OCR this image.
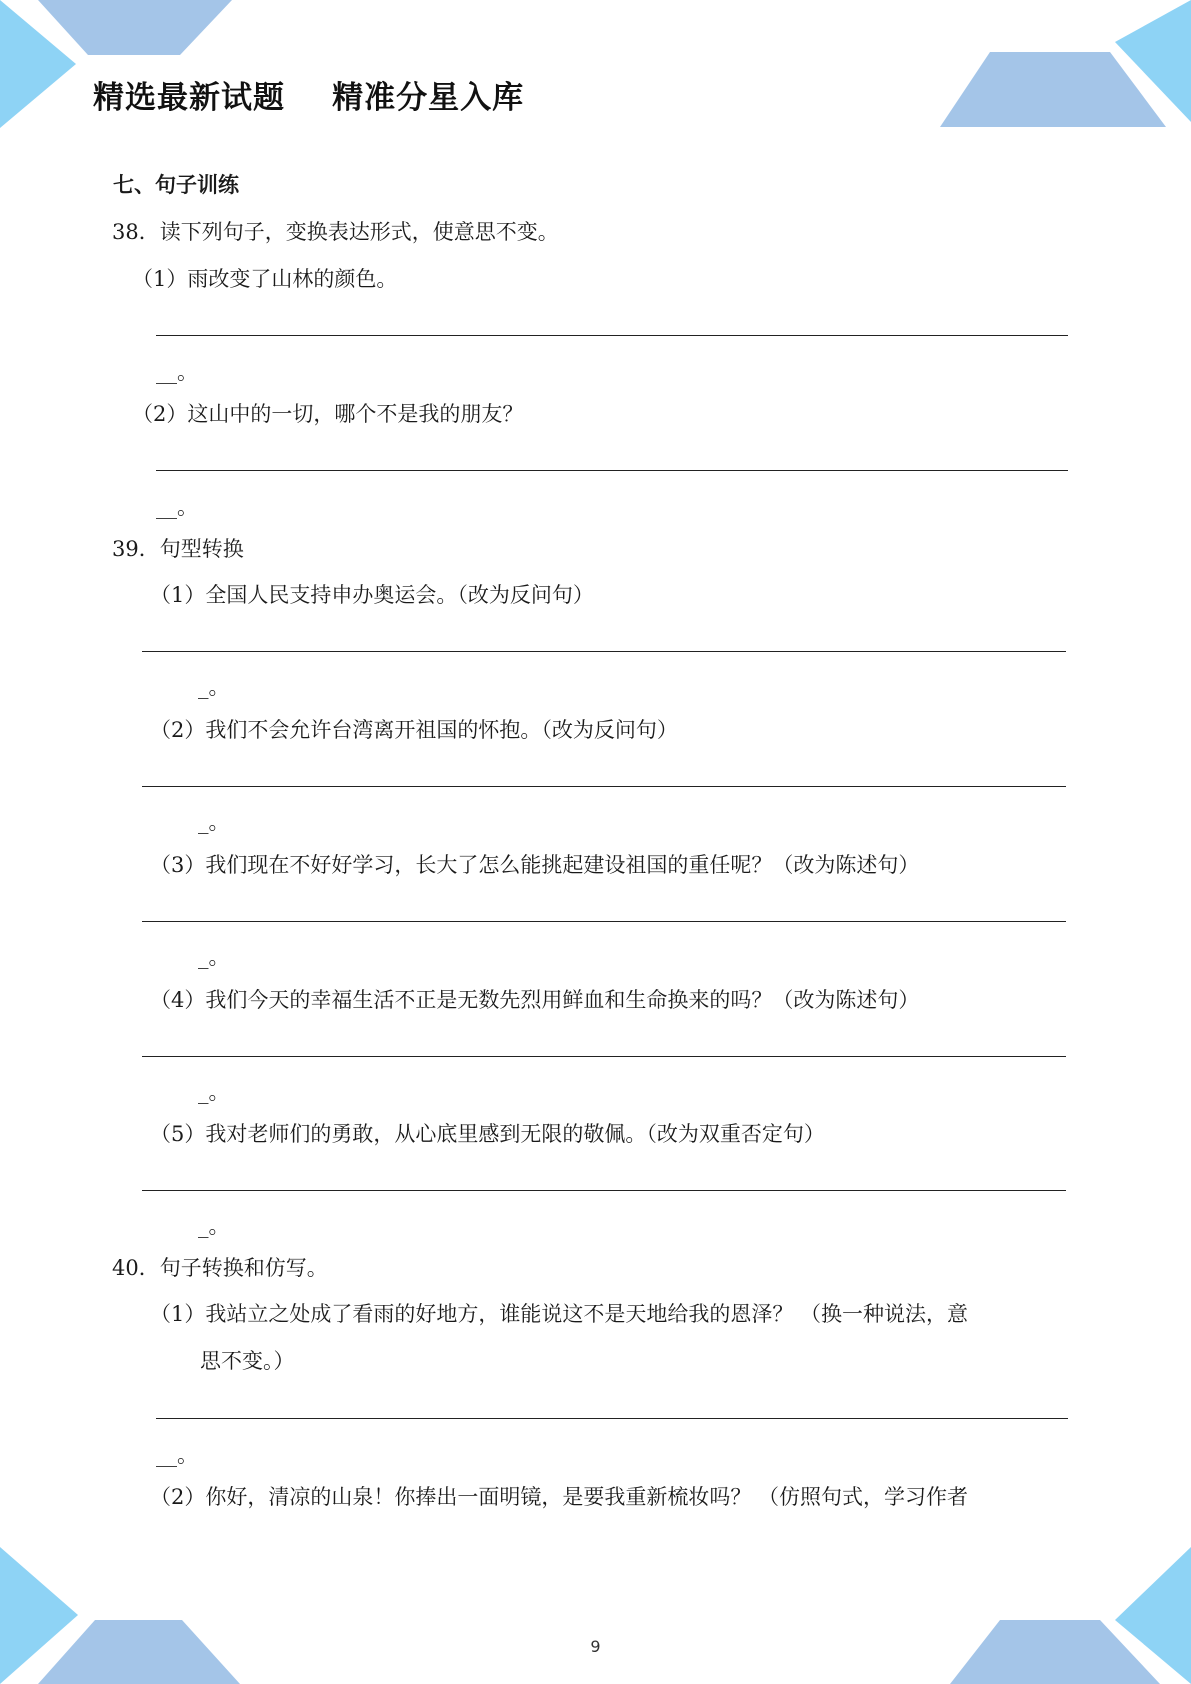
精选最新试题    精准分星入库
七、句子训练
38．读下列句子，变换表达形式，使意思不变。
（1）雨改变了山林的颜色。
__。
（2）这山中的一切，哪个不是我的朋友？
__。
39．句型转换
（1）全国人民支持申办奥运会。（改为反问句）
_。
（2）我们不会允许台湾离开祖国的怀抱。（改为反问句）
_。
（3）我们现在不好好学习，长大了怎么能挑起建设祖国的重任呢？（改为陈述句）
_。
（4）我们今天的幸福生活不正是无数先烈用鲜血和生命换来的吗？（改为陈述句）
_。
（5）我对老师们的勇敢，从心底里感到无限的敬佩。（改为双重否定句）
_。
40．句子转换和仿写。
（1）我站立之处成了看雨的好地方，谁能说这不是天地给我的恩泽？ （换一种说法，意
思不变。）
__。
（2）你好，清凉的山泉！你捧出一面明镜，是要我重新梳妆吗？ （仿照句式，学习作者
9
